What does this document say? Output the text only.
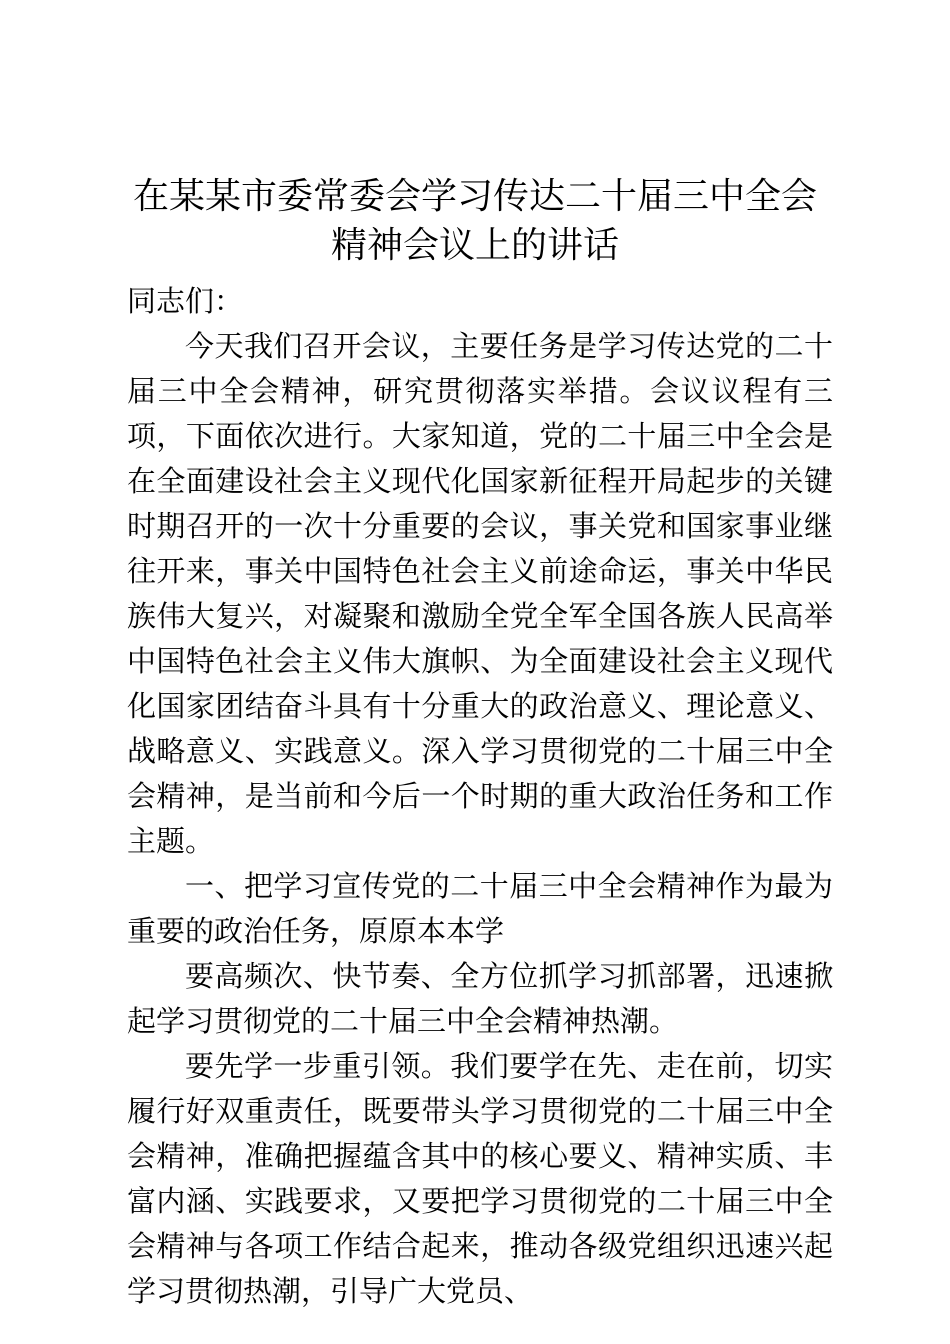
在某某市委常委会学习传达二十届三中全会精神会议上的讲话

同志们：

今天我们召开会议，主要任务是学习传达党的二十届三中全会精神，研究贯彻落实举措。会议议程有三项，下面依次进行。大家知道，党的二十届三中全会是在全面建设社会主义现代化国家新征程开局起步的关键时期召开的一次十分重要的会议，事关党和国家事业继往开来，事关中国特色社会主义前途命运，事关中华民族伟大复兴，对凝聚和激励全党全军全国各族人民高举中国特色社会主义伟大旗帜、为全面建设社会主义现代化国家团结奋斗具有十分重大的政治意义、理论意义、战略意义、实践意义。深入学习贯彻党的二十届三中全会精神，是当前和今后一个时期的重大政治任务和工作主题。

一、把学习宣传党的二十届三中全会精神作为最为重要的政治任务，原原本本学

要高频次、快节奏、全方位抓学习抓部署，迅速掀起学习贯彻党的二十届三中全会精神热潮。

要先学一步重引领。我们要学在先、走在前，切实履行好双重责任，既要带头学习贯彻党的二十届三中全会精神，准确把握蕴含其中的核心要义、精神实质、丰富内涵、实践要求，又要把学习贯彻党的二十届三中全会精神与各项工作结合起来，推动各级党组织迅速兴起学习贯彻热潮，引导广大党员、
